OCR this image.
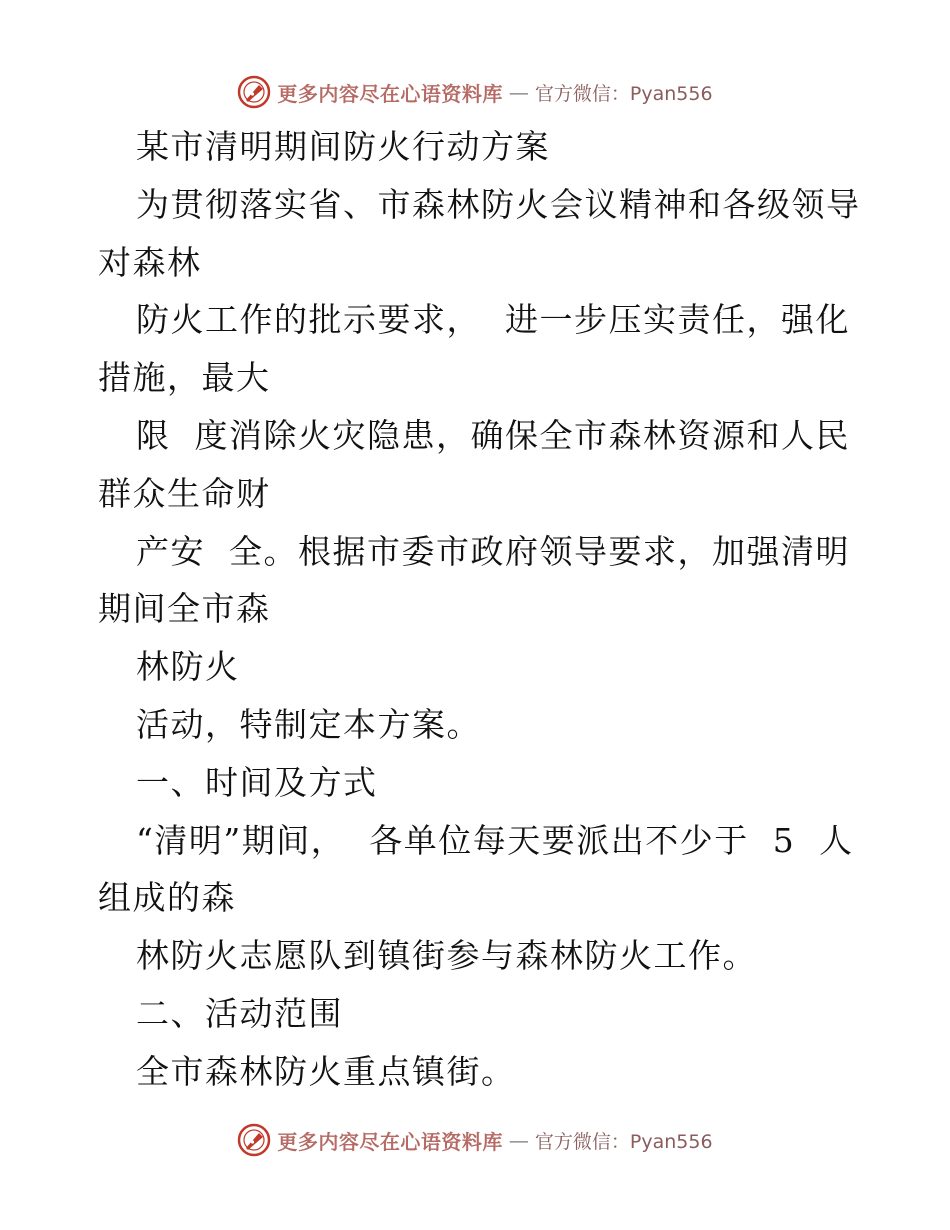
更多内容尽在心语资料库 — 官方微信：Pyan556
某市清明期间防火行动方案
为贯彻落实省、市森林防火会议精神和各级领导
对森林
防火工作的批示要求，  进一步压实责任，强化
措施，最大
限  度消除火灾隐患，确保全市森林资源和人民
群众生命财
产安  全。根据市委市政府领导要求，加强清明
期间全市森
林防火
活动，特制定本方案。
一、时间及方式
“清明”期间，  各单位每天要派出不少于  5  人
组成的森
林防火志愿队到镇街参与森林防火工作。
二、活动范围
全市森林防火重点镇街。
更多内容尽在心语资料库 — 官方微信：Pyan556
